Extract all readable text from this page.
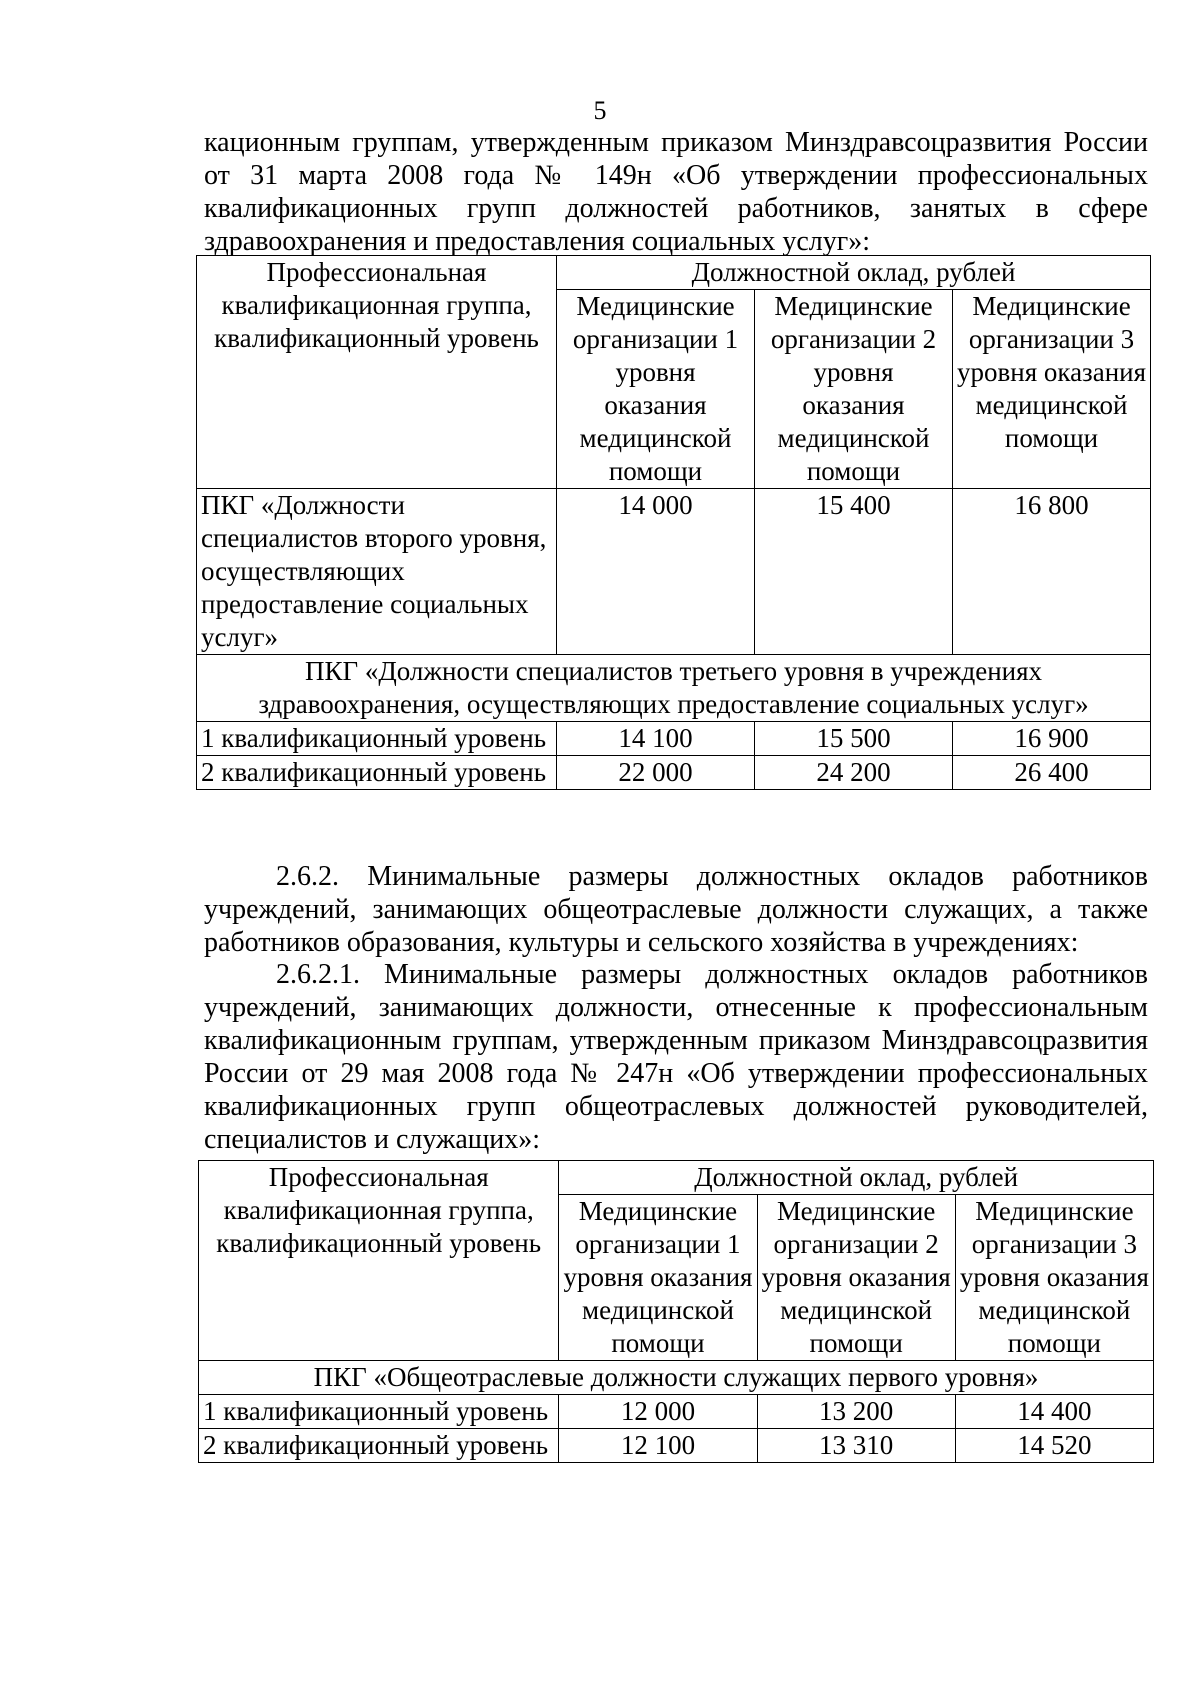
5
кационным группам, утвержденным приказом Минздравсоцразвития России от 31 марта 2008 года № 149н «Об утверждении профессиональных квалификационных групп должностей работников, занятых в сфере здравоохранения и предоставления социальных услуг»:
Профессиональная квалификационная группа, квалификационный уровень	Должностной оклад, рублей		
	Медицинские организации 1 уровня оказания медицинской помощи	Медицинские организации 2 уровня оказания медицинской помощи	Медицинские организации 3 уровня оказания медицинской помощи
ПКГ «Должности специалистов второго уровня, осуществляющих предоставление социальных услуг»	14 000	15 400	16 800
ПКГ «Должности специалистов третьего уровня в учреждениях здравоохранения, осуществляющих предоставление социальных услуг»			
1 квалификационный уровень	14 100	15 500	16 900
2 квалификационный уровень	22 000	24 200	26 400
2.6.2. Минимальные размеры должностных окладов работников учреждений, занимающих общеотраслевые должности служащих, а также работников образования, культуры и сельского хозяйства в учреждениях:
2.6.2.1. Минимальные размеры должностных окладов работников учреждений, занимающих должности, отнесенные к профессиональным квалификационным группам, утвержденным приказом Минздравсоцразвития России от 29 мая 2008 года № 247н «Об утверждении профессиональных квалификационных групп общеотраслевых должностей руководителей, специалистов и служащих»:
Профессиональная квалификационная группа, квалификационный уровень	Должностной оклад, рублей		
	Медицинские организации 1 уровня оказания медицинской помощи	Медицинские организации 2 уровня оказания медицинской помощи	Медицинские организации 3 уровня оказания медицинской помощи
ПКГ «Общеотраслевые должности служащих первого уровня»			
1 квалификационный уровень	12 000	13 200	14 400
2 квалификационный уровень	12 100	13 310	14 520
